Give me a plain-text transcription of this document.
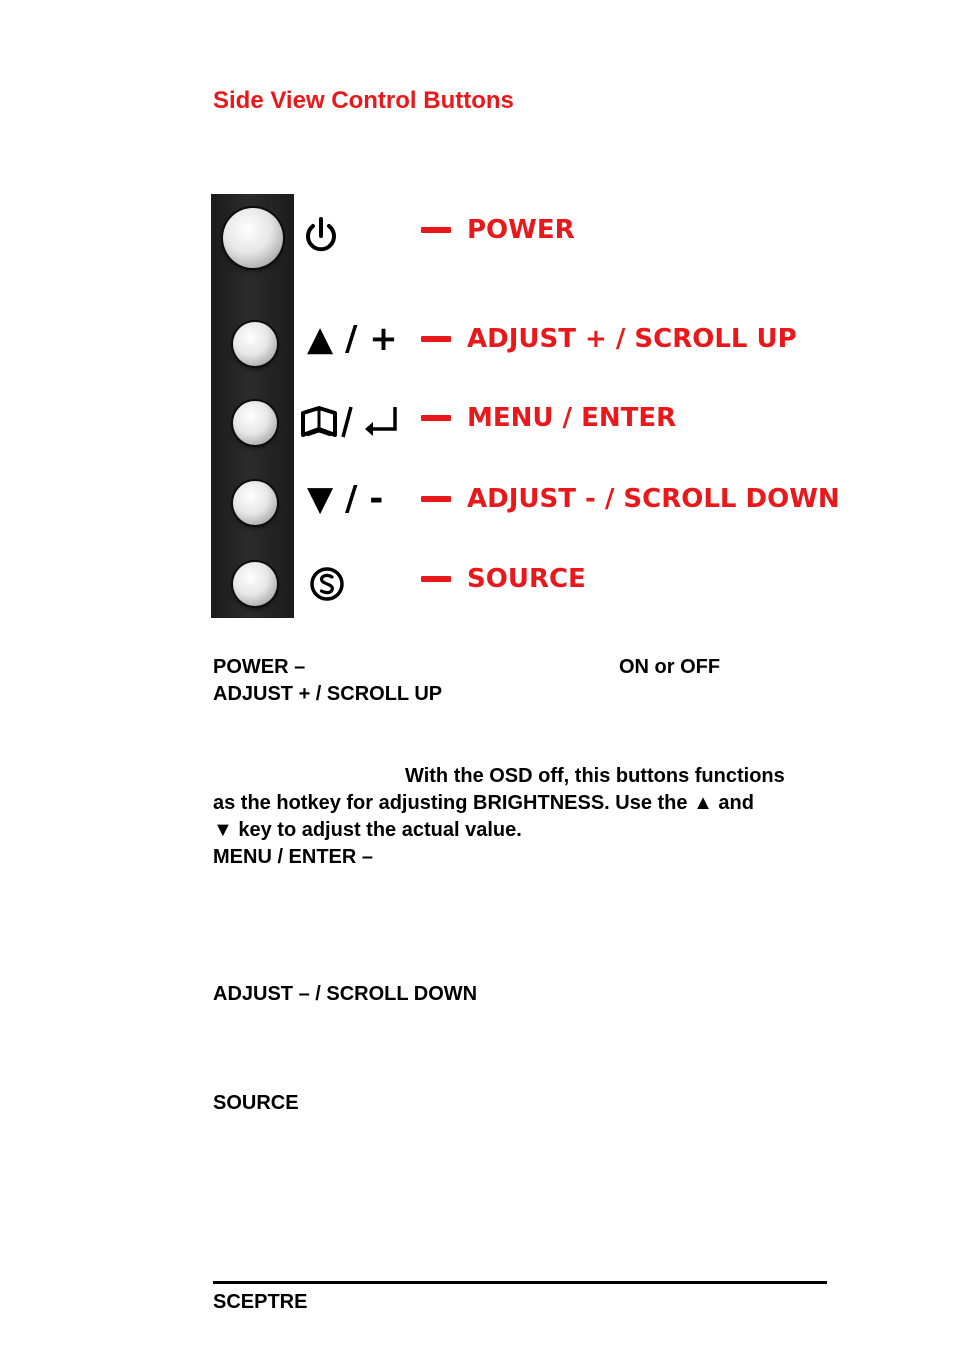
Side View Control Buttons
▲ / +
▼ / -
POWER
ADJUST + / SCROLL UP
MENU / ENTER
ADJUST - / SCROLL DOWN
SOURCE

POWER –	ON or OFF

ADJUST + / SCROLL UP

With the OSD off, this buttons functions

as the hotkey for adjusting BRIGHTNESS. Use the ▲ and

▼ key to adjust the actual value.

MENU / ENTER –

ADJUST – / SCROLL DOWN

SOURCE

SCEPTRE
